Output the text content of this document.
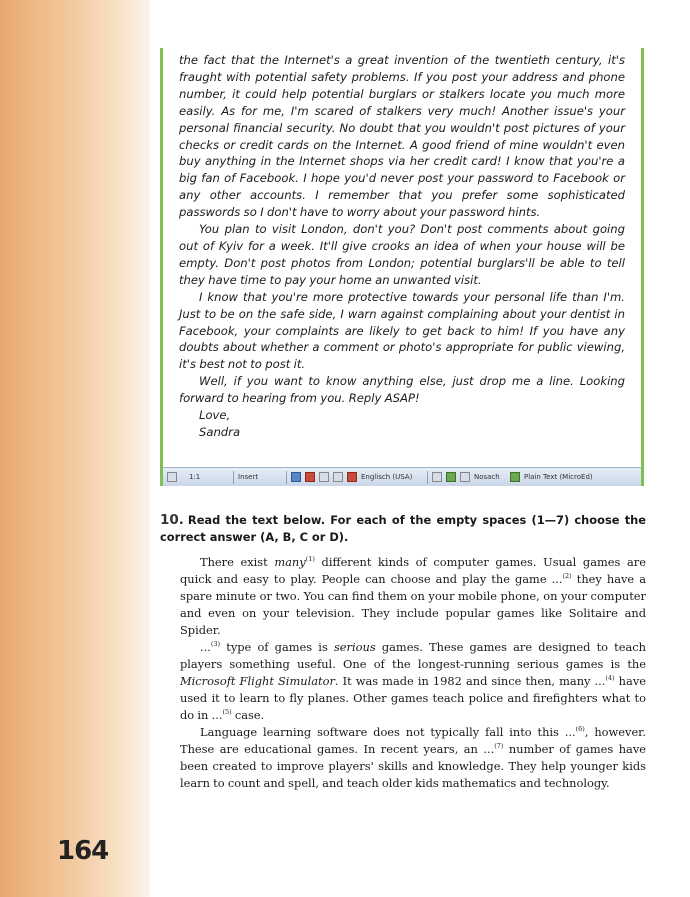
164

the fact that the Internet's a great invention of the twentieth century, it's fraught with potential safety problems. If you post your address and phone number, it could help potential burglars or stalkers locate you much more easily. As for me, I'm scared of stalkers very much! Another issue's your personal financial security. No doubt that you wouldn't post pictures of your checks or credit cards on the Internet. A good friend of mine wouldn't even buy anything in the Internet shops via her credit card! I know that you're a big fan of Facebook. I hope you'd never post your password to Facebook or any other accounts. I remember that you prefer some sophisticated passwords so I don't have to worry about your password hints.

You plan to visit London, don't you? Don't post comments about going out of Kyiv for a week. It'll give crooks an idea of when your house will be empty. Don't post photos from London; potential burglars'll be able to tell they have time to pay your home an unwanted visit.

I know that you're more protective towards your personal life than I'm. Just to be on the safe side, I warn against complaining about your dentist in Facebook, your complaints are likely to get back to him! If you have any doubts about whether a comment or photo's appropriate for public viewing, it's best not to post it.

Well, if you want to know anything else, just drop me a line. Looking forward to hearing from you. Reply ASAP!

Love,
Sandra
1:1	Insert	Englisch (USA)	Nosach	Plain Text (MicroEd)
10. Read the text below. For each of the empty spaces (1—7) choose the correct answer (A, B, C or D).

There exist many$^{(1)}$ different kinds of computer games. Usual games are quick and easy to play. People can choose and play the game ...$^{(2)}$ they have a spare minute or two. You can find them on your mobile phone, on your computer and even on your television. They include popular games like Solitaire and Spider.

...$^{(3)}$ type of games is serious games. These games are designed to teach players something useful. One of the longest-running serious games is the Microsoft Flight Simulator. It was made in 1982 and since then, many ...$^{(4)}$ have used it to learn to fly planes. Other games teach police and firefighters what to do in ...$^{(5)}$ case.

Language learning software does not typically fall into this ...$^{(6)}$, however. These are educational games. In recent years, an ...$^{(7)}$ number of games have been created to improve players' skills and knowledge. They help younger kids learn to count and spell, and teach older kids mathematics and technology.
